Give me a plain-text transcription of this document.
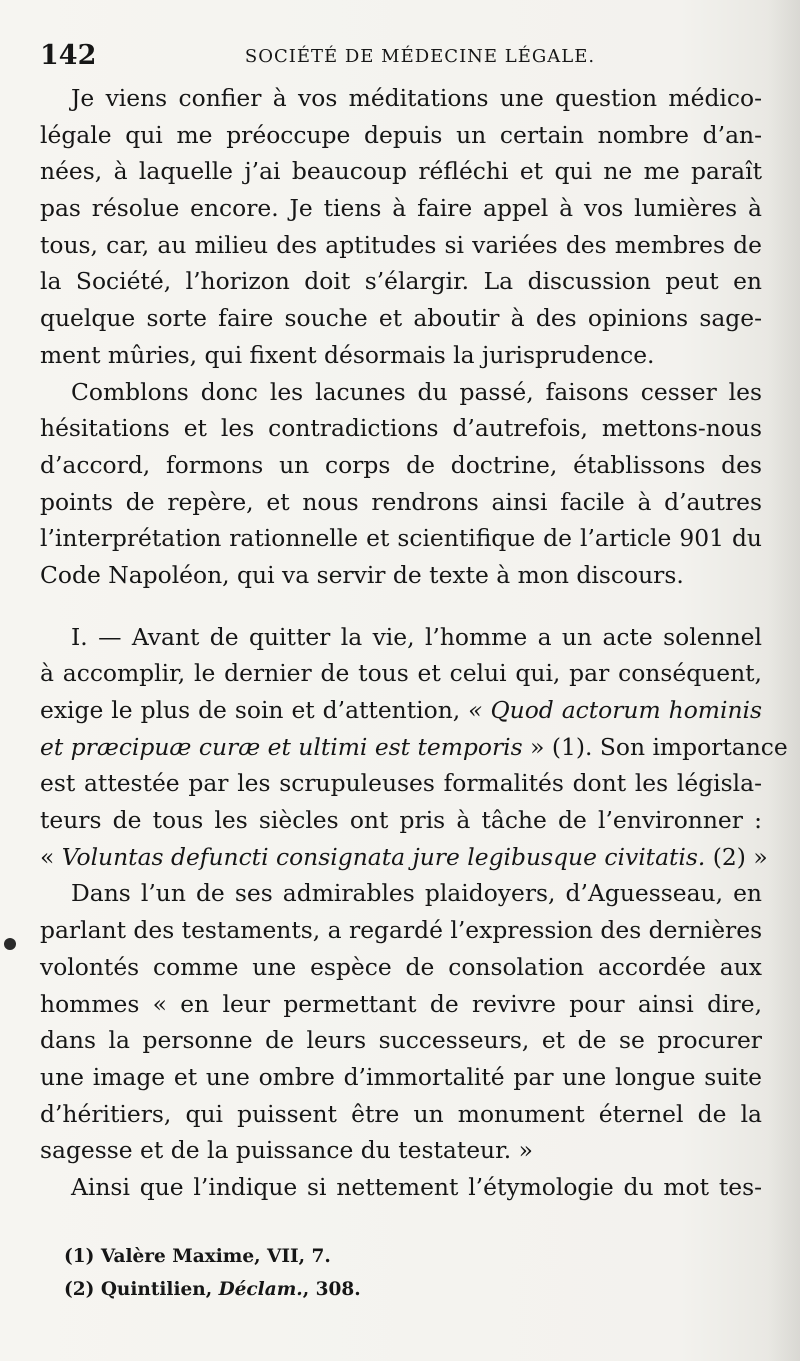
142	SOCIÉTÉ DE MÉDECINE LÉGALE.
Je viens confier à vos méditations une question médico-
légale qui me préoccupe depuis un certain nombre d’an-
nées, à laquelle j’ai beaucoup réfléchi et qui ne me paraît
pas résolue encore. Je tiens à faire appel à vos lumières à
tous, car, au milieu des aptitudes si variées des membres de
la Société, l’horizon doit s’élargir. La discussion peut en
quelque sorte faire souche et aboutir à des opinions sage-
ment mûries, qui fixent désormais la jurisprudence.
Comblons donc les lacunes du passé, faisons cesser les
hésitations et les contradictions d’autrefois, mettons-nous
d’accord, formons un corps de doctrine, établissons des
points de repère, et nous rendrons ainsi facile à d’autres
l’interprétation rationnelle et scientifique de l’article 901 du
Code Napoléon, qui va servir de texte à mon discours.
I. — Avant de quitter la vie, l’homme a un acte solennel
à accomplir, le dernier de tous et celui qui, par conséquent,
exige le plus de soin et d’attention, « Quod actorum hominis
et præcipuæ curæ et ultimi est temporis » (1). Son importance
est attestée par les scrupuleuses formalités dont les législa-
teurs de tous les siècles ont pris à tâche de l’environner :
« Voluntas defuncti consignata jure legibusque civitatis. (2) »
Dans l’un de ses admirables plaidoyers, d’Aguesseau, en
parlant des testaments, a regardé l’expression des dernières
volontés comme une espèce de consolation accordée aux
hommes « en leur permettant de revivre pour ainsi dire,
dans la personne de leurs successeurs, et de se procurer
une image et une ombre d’immortalité par une longue suite
d’héritiers, qui puissent être un monument éternel de la
sagesse et de la puissance du testateur. »
Ainsi que l’indique si nettement l’étymologie du mot tes-
(1) Valère Maxime, VII, 7.
(2) Quintilien, Déclam., 308.
